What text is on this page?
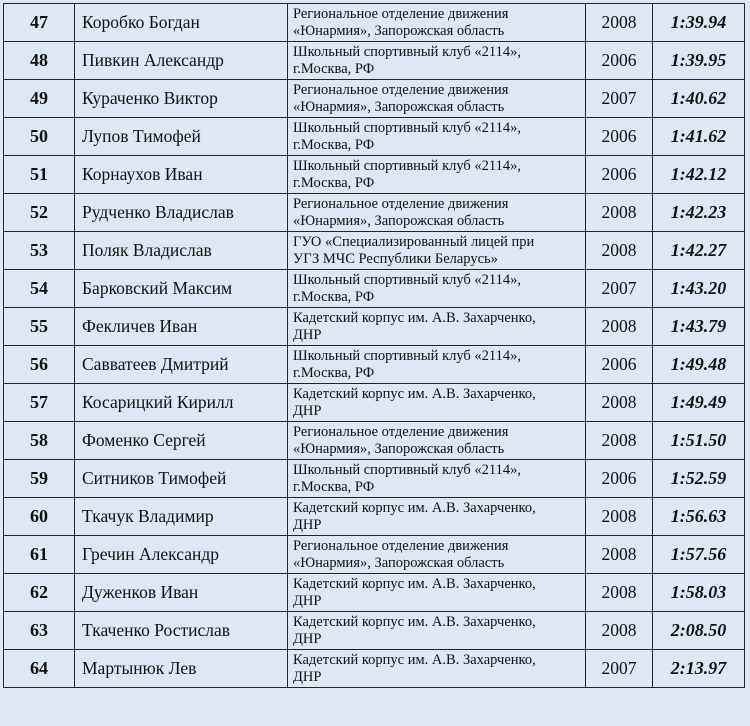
47	Коробко Богдан	Региональное отделение движения
«Юнармия», Запорожская область	2008	1:39.94
48	Пивкин Александр	Школьный спортивный клуб «2114»,
г.Москва, РФ	2006	1:39.95
49	Кураченко Виктор	Региональное отделение движения
«Юнармия», Запорожская область	2007	1:40.62
50	Лупов Тимофей	Школьный спортивный клуб «2114»,
г.Москва, РФ	2006	1:41.62
51	Корнаухов Иван	Школьный спортивный клуб «2114»,
г.Москва, РФ	2006	1:42.12
52	Рудченко Владислав	Региональное отделение движения
«Юнармия», Запорожская область	2008	1:42.23
53	Поляк Владислав	ГУО «Специализированный лицей при
УГЗ МЧС Республики Беларусь»	2008	1:42.27
54	Барковский Максим	Школьный спортивный клуб «2114»,
г.Москва, РФ	2007	1:43.20
55	Фекличев Иван	Кадетский корпус им. А.В. Захарченко,
ДНР	2008	1:43.79
56	Савватеев Дмитрий	Школьный спортивный клуб «2114»,
г.Москва, РФ	2006	1:49.48
57	Косарицкий Кирилл	Кадетский корпус им. А.В. Захарченко,
ДНР	2008	1:49.49
58	Фоменко Сергей	Региональное отделение движения
«Юнармия», Запорожская область	2008	1:51.50
59	Ситников Тимофей	Школьный спортивный клуб «2114»,
г.Москва, РФ	2006	1:52.59
60	Ткачук Владимир	Кадетский корпус им. А.В. Захарченко,
ДНР	2008	1:56.63
61	Гречин Александр	Региональное отделение движения
«Юнармия», Запорожская область	2008	1:57.56
62	Дуженков Иван	Кадетский корпус им. А.В. Захарченко,
ДНР	2008	1:58.03
63	Ткаченко Ростислав	Кадетский корпус им. А.В. Захарченко,
ДНР	2008	2:08.50
64	Мартынюк Лев	Кадетский корпус им. А.В. Захарченко,
ДНР	2007	2:13.97
